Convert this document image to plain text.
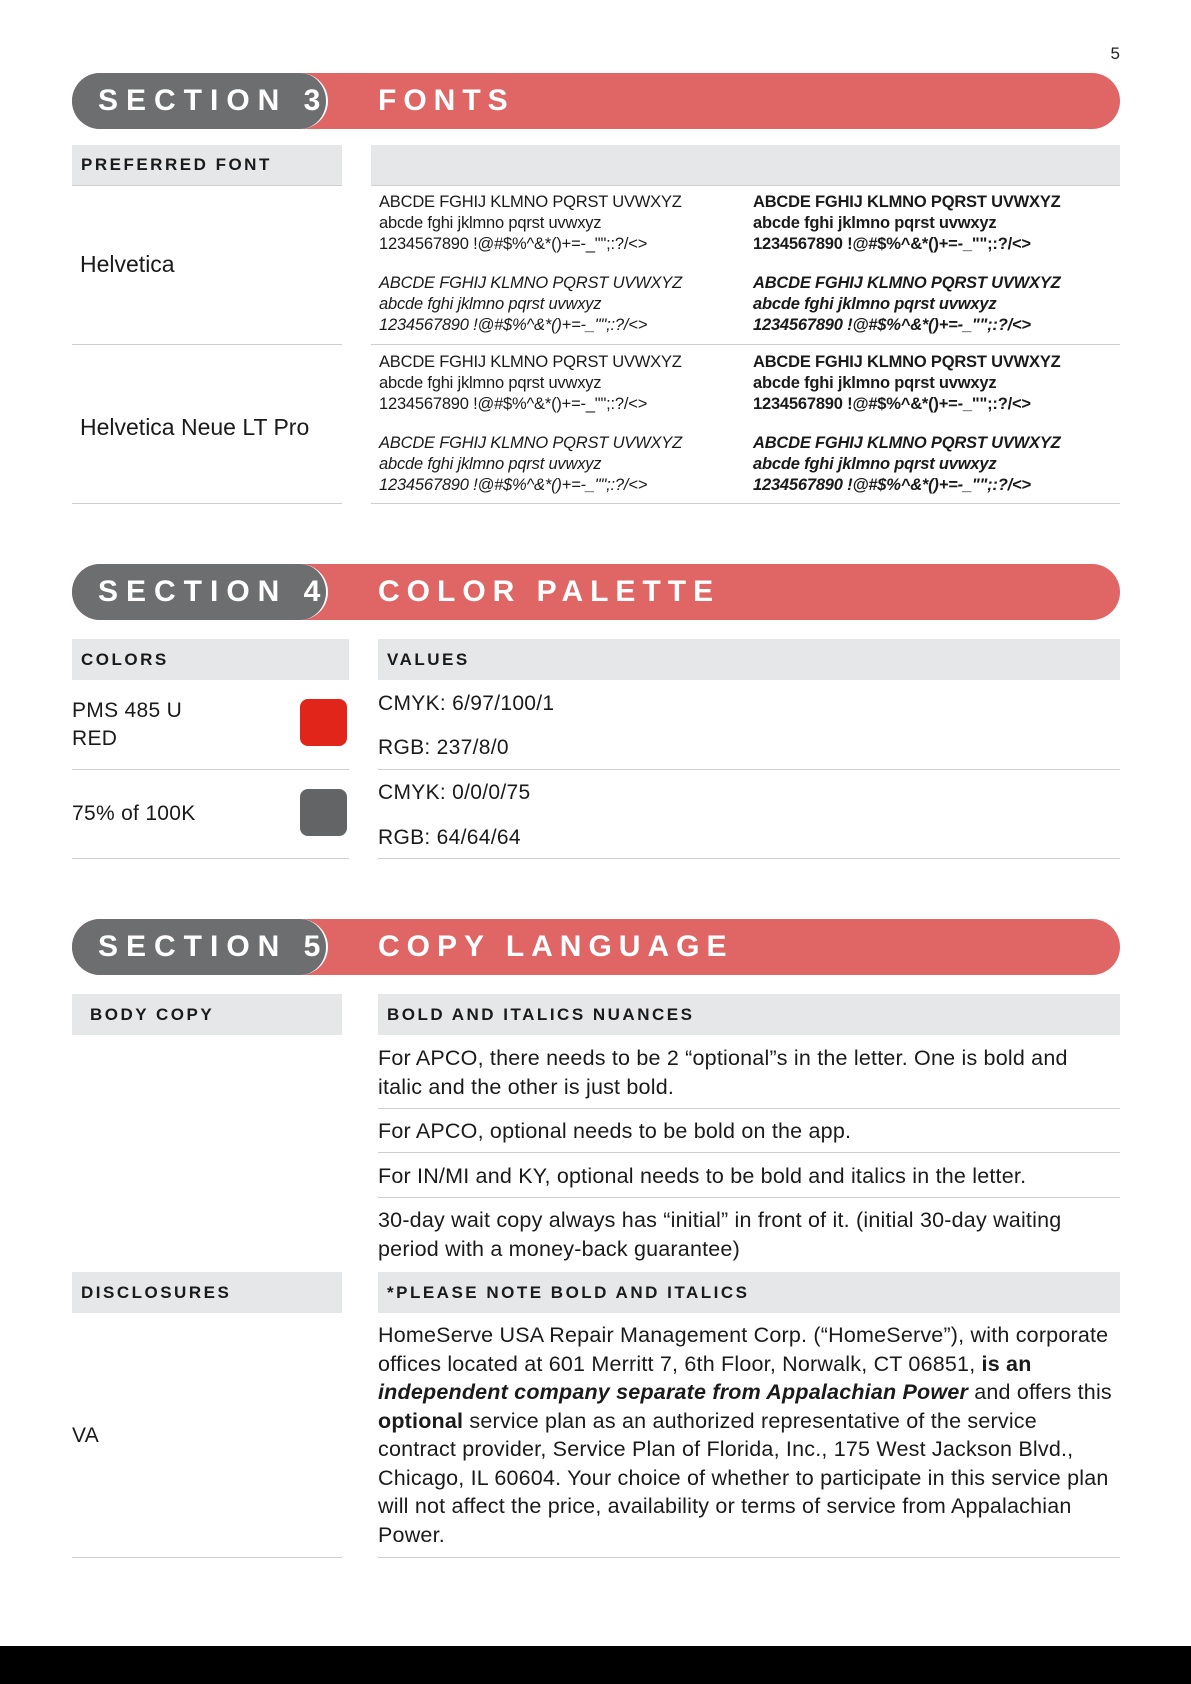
5
SECTION 3 FONTS
PREFERRED FONT
Helvetica
ABCDE FGHIJ KLMNO PQRST UVWXYZ
abcde fghi jklmno pqrst uvwxyz
1234567890 !@#$%^&*()+=-_"";:?/<>
ABCDE FGHIJ KLMNO PQRST UVWXYZ
abcde fghi jklmno pqrst uvwxyz
1234567890 !@#$%^&*()+=-_"";:?/<>
ABCDE FGHIJ KLMNO PQRST UVWXYZ
abcde fghi jklmno pqrst uvwxyz
1234567890 !@#$%^&*()+=-_"";:?/<>
ABCDE FGHIJ KLMNO PQRST UVWXYZ
abcde fghi jklmno pqrst uvwxyz
1234567890 !@#$%^&*()+=-_"";:?/<>
Helvetica Neue LT Pro
ABCDE FGHIJ KLMNO PQRST UVWXYZ
abcde fghi jklmno pqrst uvwxyz
1234567890 !@#$%^&*()+=-_"";:?/<>
ABCDE FGHIJ KLMNO PQRST UVWXYZ
abcde fghi jklmno pqrst uvwxyz
1234567890 !@#$%^&*()+=-_"";:?/<>
ABCDE FGHIJ KLMNO PQRST UVWXYZ
abcde fghi jklmno pqrst uvwxyz
1234567890 !@#$%^&*()+=-_"";:?/<>
ABCDE FGHIJ KLMNO PQRST UVWXYZ
abcde fghi jklmno pqrst uvwxyz
1234567890 !@#$%^&*()+=-_"";:?/<>
SECTION 4 COLOR PALETTE
COLORS	VALUES
PMS 485 U
RED
CMYK: 6/97/100/1
RGB: 237/8/0
75% of 100K
CMYK: 0/0/0/75
RGB: 64/64/64
SECTION 5 COPY LANGUAGE
BODY COPY	BOLD AND ITALICS NUANCES
For APCO, there needs to be 2 “optional”s in the letter. One is bold and italic and the other is just bold.
For APCO, optional needs to be bold on the app.
For IN/MI and KY, optional needs to be bold and italics in the letter.
30-day wait copy always has “initial” in front of it. (initial 30-day waiting period with a money-back guarantee)
DISCLOSURES	*PLEASE NOTE BOLD AND ITALICS
VA
HomeServe USA Repair Management Corp. (“HomeServe”), with corporate offices located at 601 Merritt 7, 6th Floor, Norwalk, CT 06851, is an independent company separate from Appalachian Power and offers this optional service plan as an authorized representative of the service contract provider, Service Plan of Florida, Inc., 175 West Jackson Blvd., Chicago, IL 60604. Your choice of whether to participate in this service plan will not affect the price, availability or terms of service from Appalachian Power.
